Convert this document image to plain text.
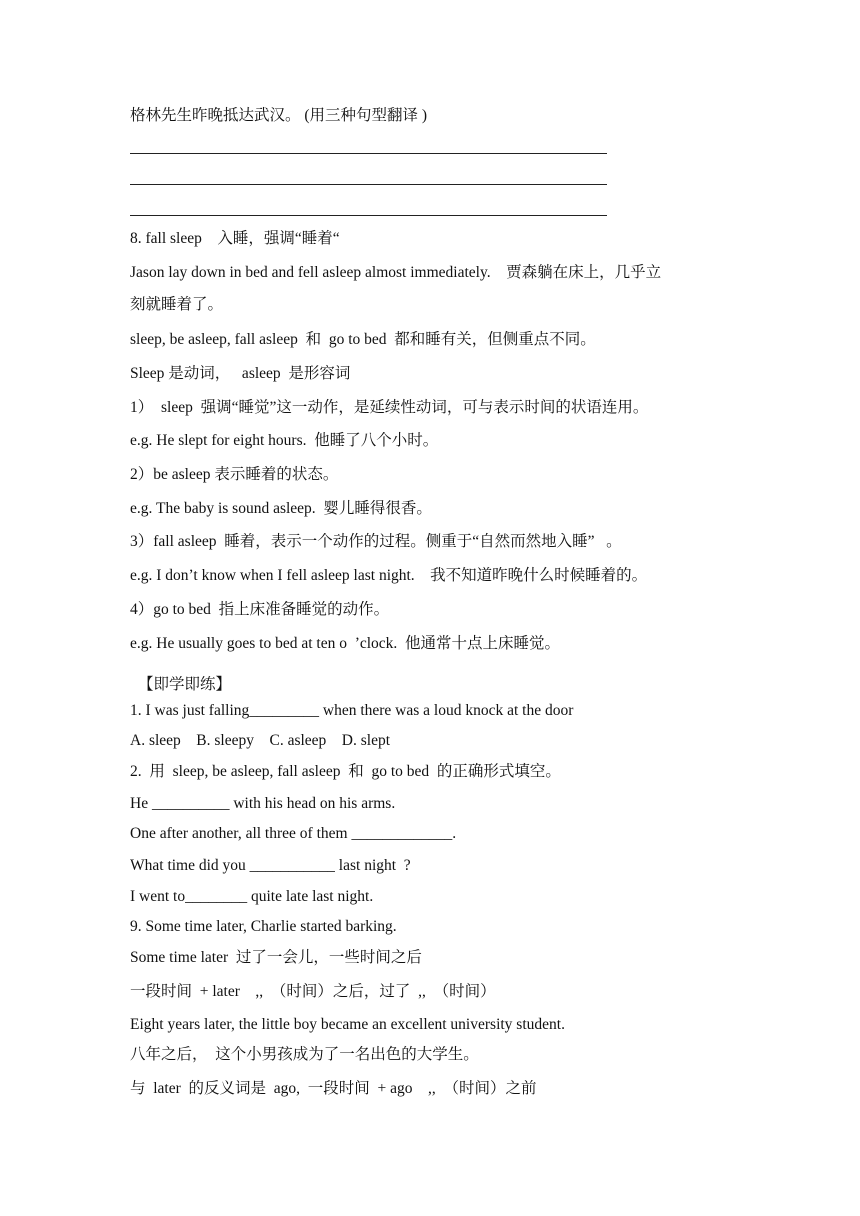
格林先生昨晚抵达武汉。 (用三种句型翻译 )
8. fall sleep    入睡，强调“睡着“
Jason lay down in bed and fell asleep almost immediately.    贾森躺在床上，几乎立
刻就睡着了。
sleep, be asleep, fall asleep  和  go to bed  都和睡有关，但侧重点不同。
Sleep 是动词，   asleep  是形容词
1）  sleep  强调“睡觉”这一动作，是延续性动词，可与表示时间的状语连用。
e.g. He slept for eight hours.  他睡了八个小时。
2）be asleep 表示睡着的状态。
e.g. The baby is sound asleep.  婴儿睡得很香。
3）fall asleep  睡着，表示一个动作的过程。侧重于“自然而然地入睡”   。
e.g. I don’t know when I fell asleep last night.    我不知道昨晚什么时候睡着的。
4）go to bed  指上床准备睡觉的动作。
e.g. He usually goes to bed at ten o  ’clock.  他通常十点上床睡觉。
【即学即练】
1. I was just falling_________ when there was a loud knock at the door
A. sleep    B. sleepy    C. asleep    D. slept
2.  用  sleep, be asleep, fall asleep  和  go to bed  的正确形式填空。
He __________ with his head on his arms.
One after another, all three of them _____________.
What time did you ___________ last night  ?
I went to________ quite late last night.
9. Some time later, Charlie started barking.
Some time later  过了一会儿，一些时间之后
一段时间  + later    ,,  （时间）之后，过了  ,,  （时间）
Eight years later, the little boy became an excellent university student.
八年之后，  这个小男孩成为了一名出色的大学生。
与  later  的反义词是  ago,  一段时间  + ago    ,,  （时间）之前
